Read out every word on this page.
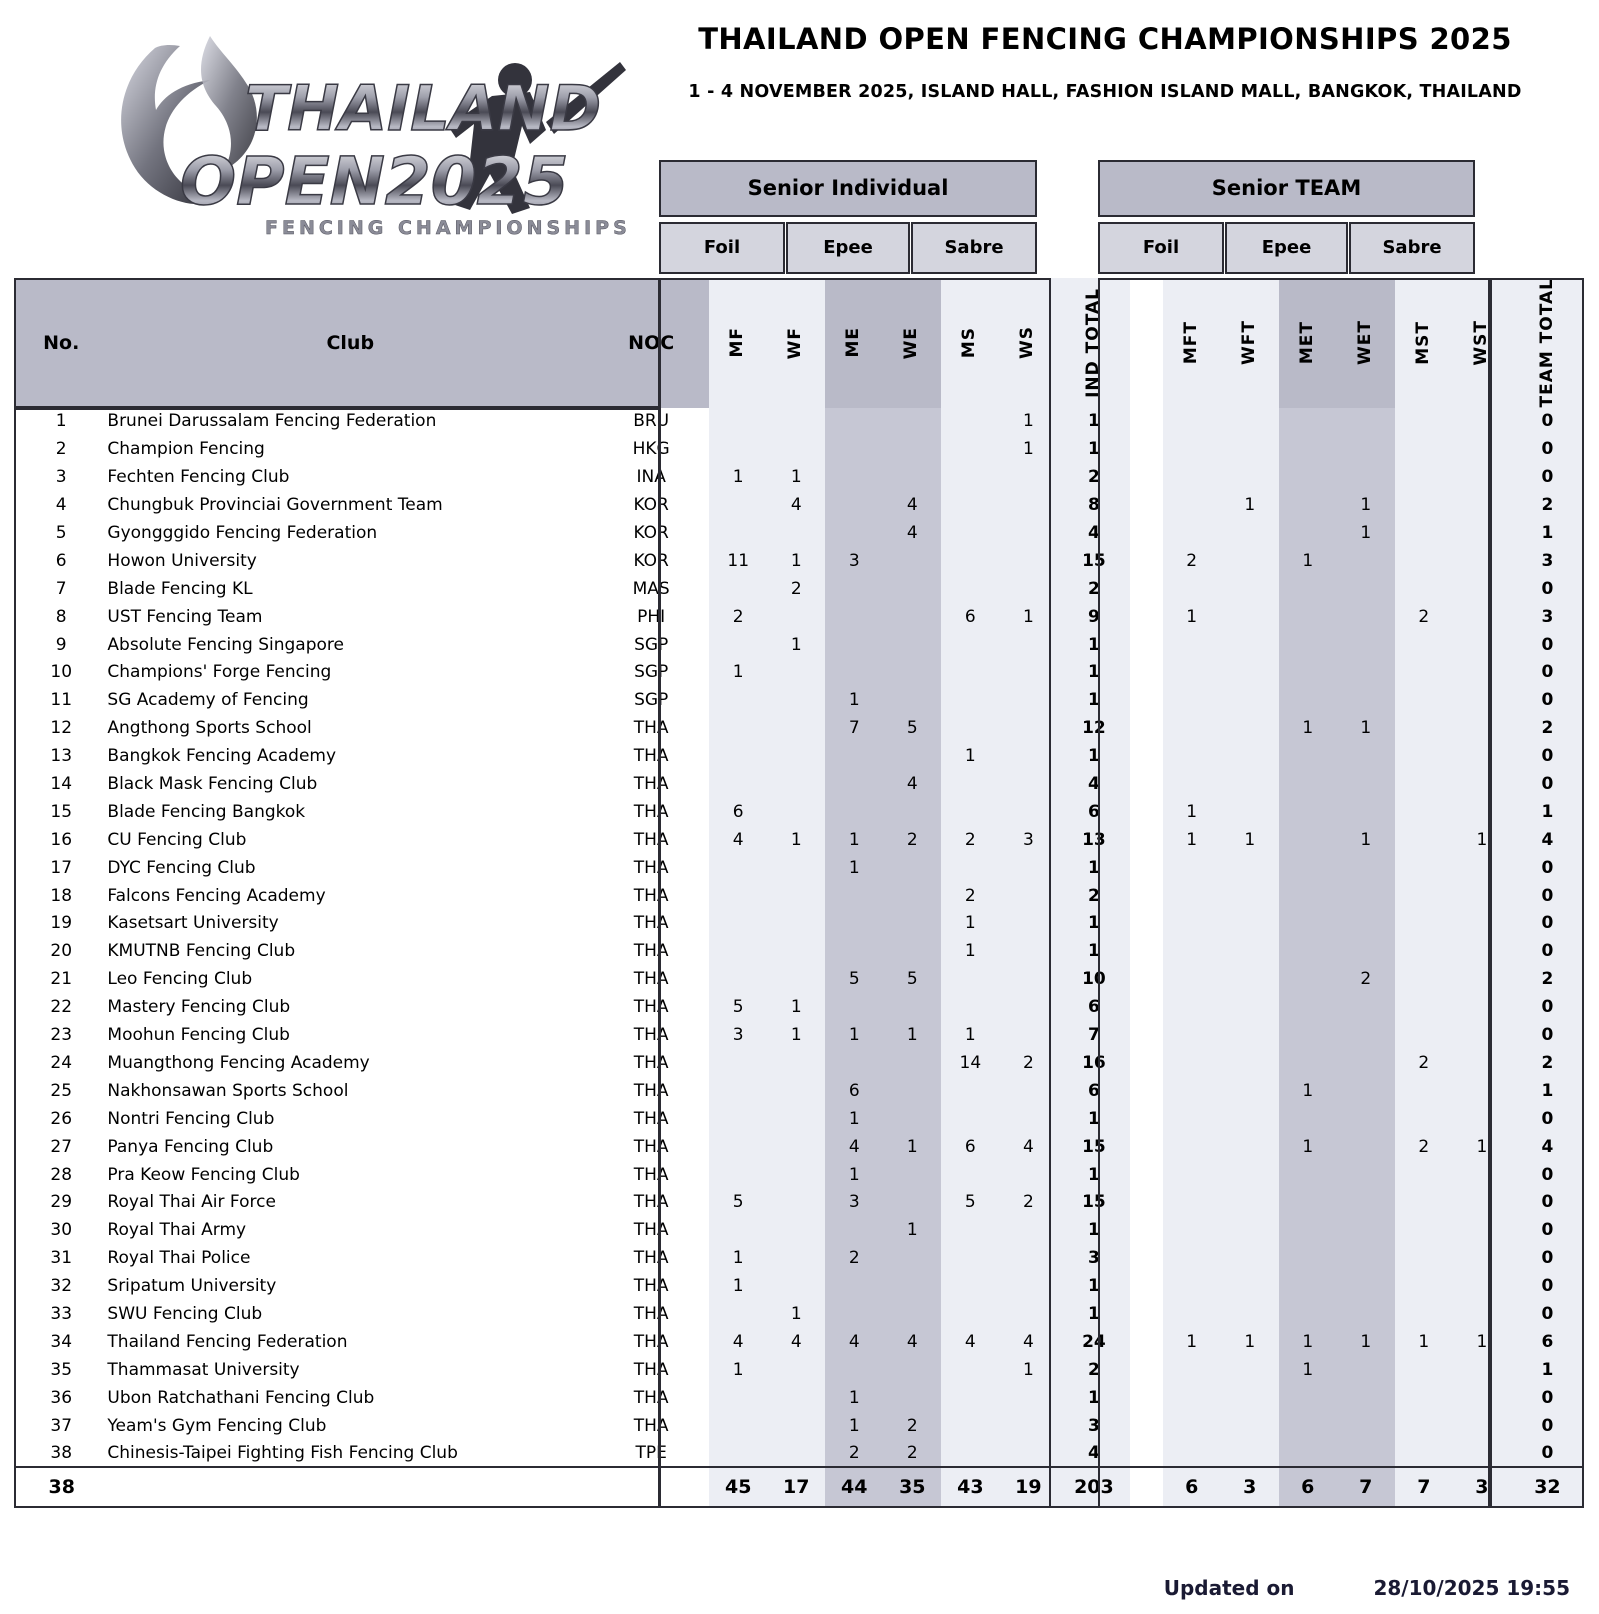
THAILAND
OPEN2025
FENCING CHAMPIONSHIPS
THAILAND OPEN FENCING CHAMPIONSHIPS 2025
1 - 4 NOVEMBER 2025, ISLAND HALL, FASHION ISLAND MALL, BANGKOK, THAILAND
Senior Individual	Senior TEAM
Foil	Epee	Sabre	Foil	Epee	Sabre
No.	Club	NOC	MF	WF	ME	WE	MS	WS	IND TOTAL		MFT	WFT	MET	WET	MST	WST	TEAM TOTAL

1	Brunei Darussalam Fencing Federation	BRU						1	1								0
2	Champion Fencing	HKG						1	1								0
3	Fechten Fencing Club	INA	1	1					2								0
4	Chungbuk Provinciai Government Team	KOR		4		4			8			1		1			2
5	Gyongggido Fencing Federation	KOR				4			4					1			1
6	Howon University	KOR	11	1	3				15		2		1				3
7	Blade Fencing KL	MAS		2					2								0
8	UST Fencing Team	PHI	2				6	1	9		1				2		3
9	Absolute Fencing Singapore	SGP		1					1								0
10	Champions' Forge Fencing	SGP	1						1								0
11	SG Academy of Fencing	SGP			1				1								0
12	Angthong Sports School	THA			7	5			12				1	1			2
13	Bangkok Fencing Academy	THA					1		1								0
14	Black Mask Fencing Club	THA				4			4								0
15	Blade Fencing Bangkok	THA	6						6		1						1
16	CU Fencing Club	THA	4	1	1	2	2	3	13		1	1		1		1	4
17	DYC Fencing Club	THA			1				1								0
18	Falcons Fencing Academy	THA					2		2								0
19	Kasetsart University	THA					1		1								0
20	KMUTNB Fencing Club	THA					1		1								0
21	Leo Fencing Club	THA			5	5			10					2			2
22	Mastery Fencing Club	THA	5	1					6								0
23	Moohun Fencing Club	THA	3	1	1	1	1		7								0
24	Muangthong Fencing Academy	THA					14	2	16						2		2
25	Nakhonsawan Sports School	THA			6				6				1				1
26	Nontri Fencing Club	THA			1				1								0
27	Panya Fencing Club	THA			4	1	6	4	15				1		2	1	4
28	Pra Keow Fencing Club	THA			1				1								0
29	Royal Thai Air Force	THA	5		3		5	2	15								0
30	Royal Thai Army	THA				1			1								0
31	Royal Thai Police	THA	1		2				3								0
32	Sripatum University	THA	1						1								0
33	SWU Fencing Club	THA		1					1								0
34	Thailand Fencing Federation	THA	4	4	4	4	4	4	24		1	1	1	1	1	1	6
35	Thammasat University	THA	1					1	2				1				1
36	Ubon Ratchathani Fencing Club	THA			1				1								0
37	Yeam's Gym Fencing Club	THA			1	2			3								0
38	Chinesis-Taipei Fighting Fish Fencing Club	TPE			2	2			4								0
38			45	17	44	35	43	19	203		6	3	6	7	7	3	32
Updated on	28/10/2025 19:55
